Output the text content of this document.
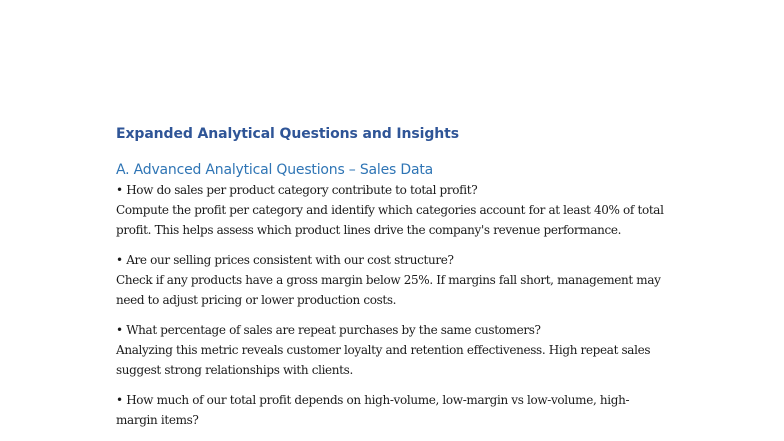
Expanded Analytical Questions and Insights
A. Advanced Analytical Questions – Sales Data

• How do sales per product category contribute to total profit?

Compute the profit per category and identify which categories account for at least 40% of total profit. This helps assess which product lines drive the company's revenue performance.

• Are our selling prices consistent with our cost structure?

Check if any products have a gross margin below 25%. If margins fall short, management may need to adjust pricing or lower production costs.

• What percentage of sales are repeat purchases by the same customers?

Analyzing this metric reveals customer loyalty and retention effectiveness. High repeat sales suggest strong relationships with clients.

• How much of our total profit depends on high-volume, low-margin vs low-volume, high-margin items?
